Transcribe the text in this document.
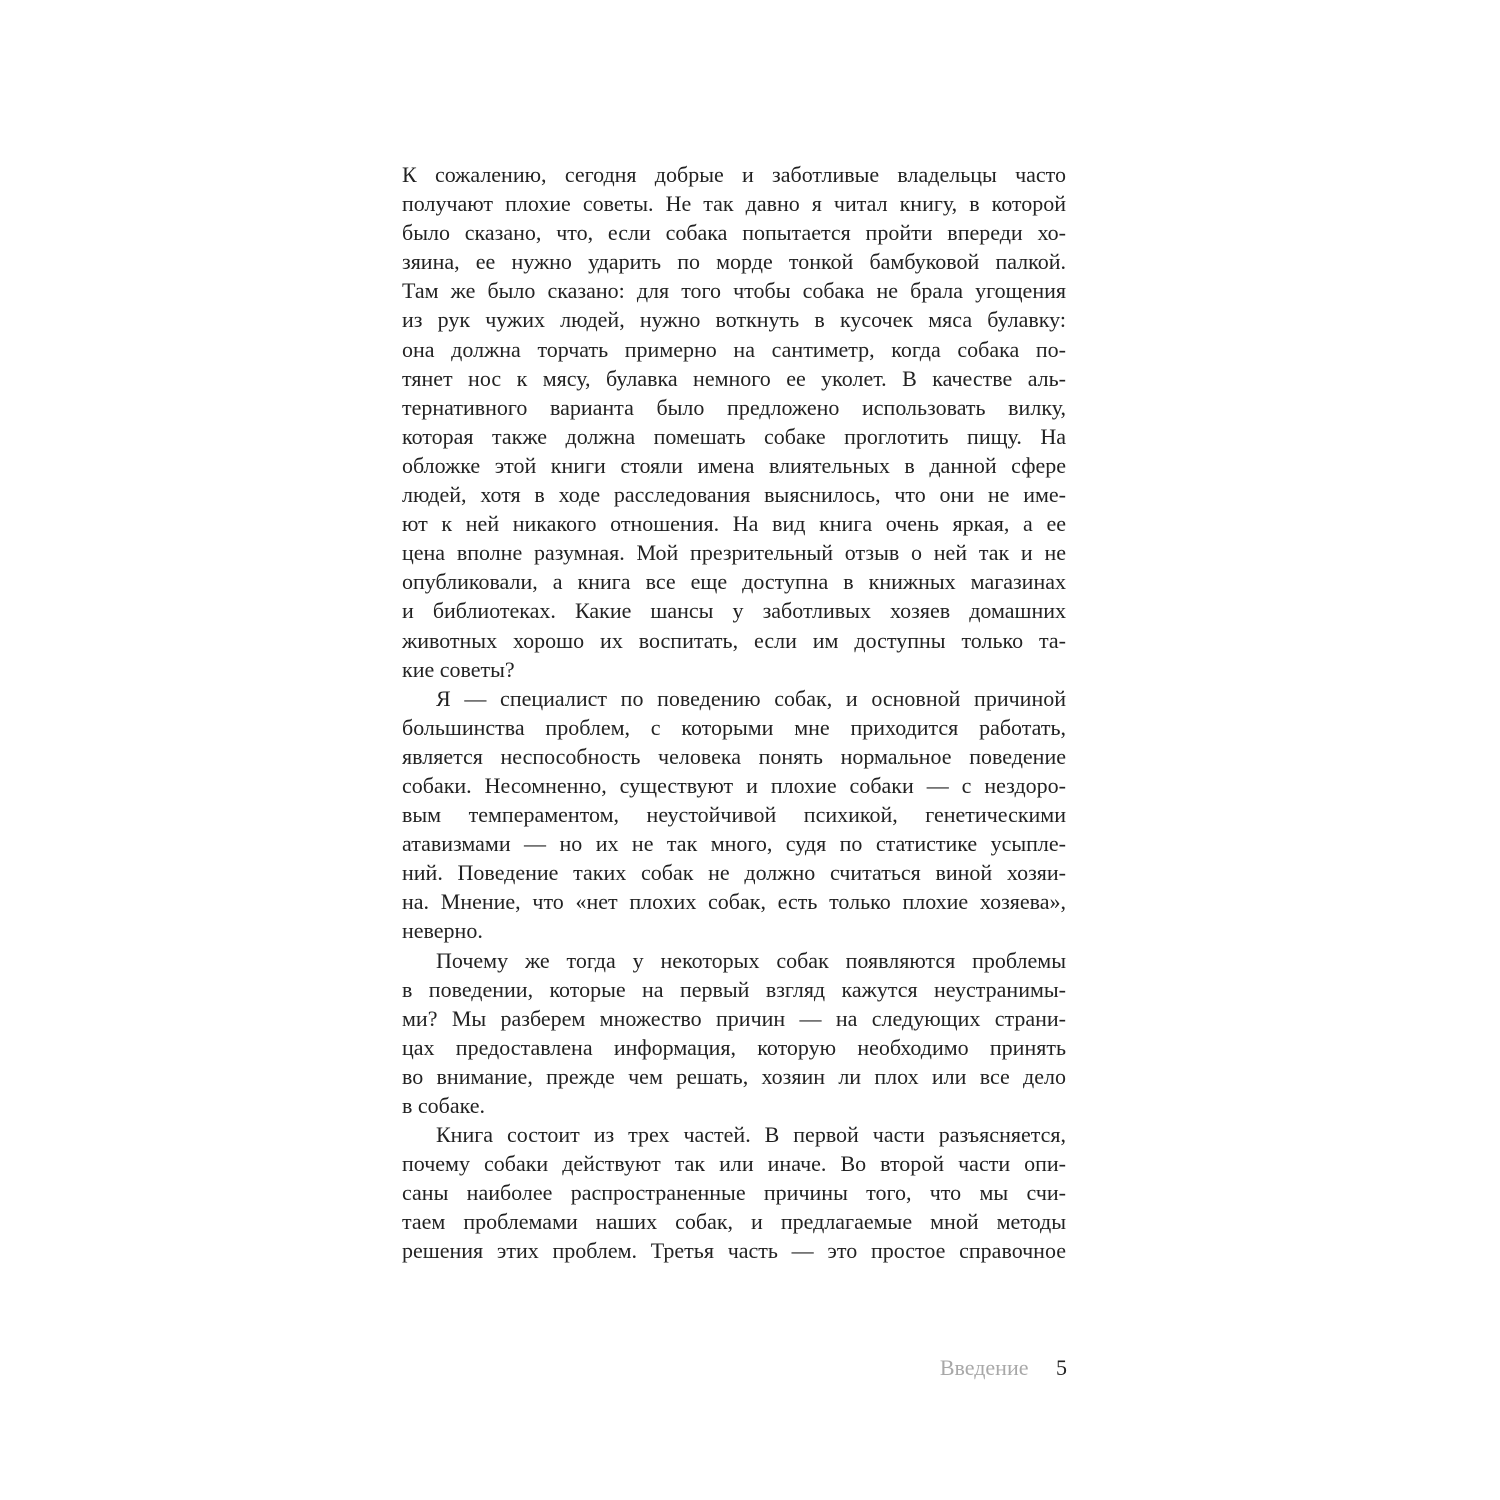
К сожалению, сегодня добрые и заботливые владельцы часто
получают плохие советы. Не так давно я читал книгу, в которой
было сказано, что, если собака попытается пройти впереди хо-
зяина, ее нужно ударить по морде тонкой бамбуковой палкой.
Там же было сказано: для того чтобы собака не брала угощения
из рук чужих людей, нужно воткнуть в кусочек мяса булавку:
она должна торчать примерно на сантиметр, когда собака по-
тянет нос к мясу, булавка немного ее уколет. В качестве аль-
тернативного варианта было предложено использовать вилку,
которая также должна помешать собаке проглотить пищу. На
обложке этой книги стояли имена влиятельных в данной сфере
людей, хотя в ходе расследования выяснилось, что они не име-
ют к ней никакого отношения. На вид книга очень яркая, а ее
цена вполне разумная. Мой презрительный отзыв о ней так и не
опубликовали, а книга все еще доступна в книжных магазинах
и библиотеках. Какие шансы у заботливых хозяев домашних
животных хорошо их воспитать, если им доступны только та-
кие советы?

Я — специалист по поведению собак, и основной причиной
большинства проблем, с которыми мне приходится работать,
является неспособность человека понять нормальное поведение
собаки. Несомненно, существуют и плохие собаки — с нездоро-
вым темпераментом, неустойчивой психикой, генетическими
атавизмами — но их не так много, судя по статистике усыпле-
ний. Поведение таких собак не должно считаться виной хозяи-
на. Мнение, что «нет плохих собак, есть только плохие хозяева»,
неверно.

Почему же тогда у некоторых собак появляются проблемы
в поведении, которые на первый взгляд кажутся неустранимы-
ми? Мы разберем множество причин — на следующих страни-
цах предоставлена информация, которую необходимо принять
во внимание, прежде чем решать, хозяин ли плох или все дело
в собаке.

Книга состоит из трех частей. В первой части разъясняется,
почему собаки действуют так или иначе. Во второй части опи-
саны наиболее распространенные причины того, что мы счи-
таем проблемами наших собак, и предлагаемые мной методы
решения этих проблем. Третья часть — это простое справочное

Введение 5
